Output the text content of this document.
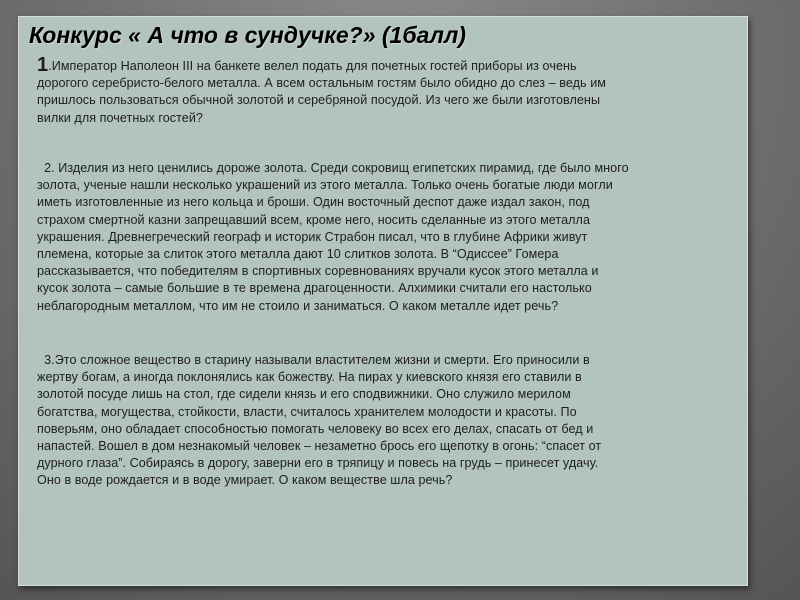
Конкурс « А что в сундучке?» (1балл)

1.Император Наполеон III на банкете велел подать для почетных гостей приборы из очень
дорогого серебристо-белого металла. А всем остальным гостям было обидно до слез – ведь им
пришлось пользоваться обычной золотой и серебряной посудой. Из чего же были изготовлены
вилки для почетных гостей?

2. Изделия из него ценились дороже золота. Среди сокровищ египетских пирамид, где было много
золота, ученые нашли несколько украшений из этого металла. Только очень богатые люди могли
иметь изготовленные из него кольца и броши. Один восточный деспот даже издал закон, под
страхом смертной казни запрещавший всем, кроме него, носить сделанные из этого металла
украшения. Древнегреческий географ и историк Страбон писал, что в глубине Африки живут
племена, которые за слиток этого металла дают 10 слитков золота. В “Одиссее” Гомера
рассказывается, что победителям в спортивных соревнованиях вручали кусок этого металла и
кусок золота – самые большие в те времена драгоценности. Алхимики считали его настолько
неблагородным металлом, что им не стоило и заниматься. О каком металле идет речь?

3.Это сложное вещество в старину называли властителем жизни и смерти. Его приносили в
жертву богам, а иногда поклонялись как божеству. На пирах у киевского князя его ставили в
золотой посуде лишь на стол, где сидели князь и его сподвижники. Оно служило мерилом
богатства, могущества, стойкости, власти, считалось хранителем молодости и красоты. По
поверьям, оно обладает способностью помогать человеку во всех его делах, спасать от бед и
напастей. Вошел в дом незнакомый человек – незаметно брось его щепотку в огонь: “спасет от
дурного глаза”. Собираясь в дорогу, заверни его в тряпицу и повесь на грудь – принесет удачу.
Оно в воде рождается и в воде умирает. О каком веществе шла речь?
